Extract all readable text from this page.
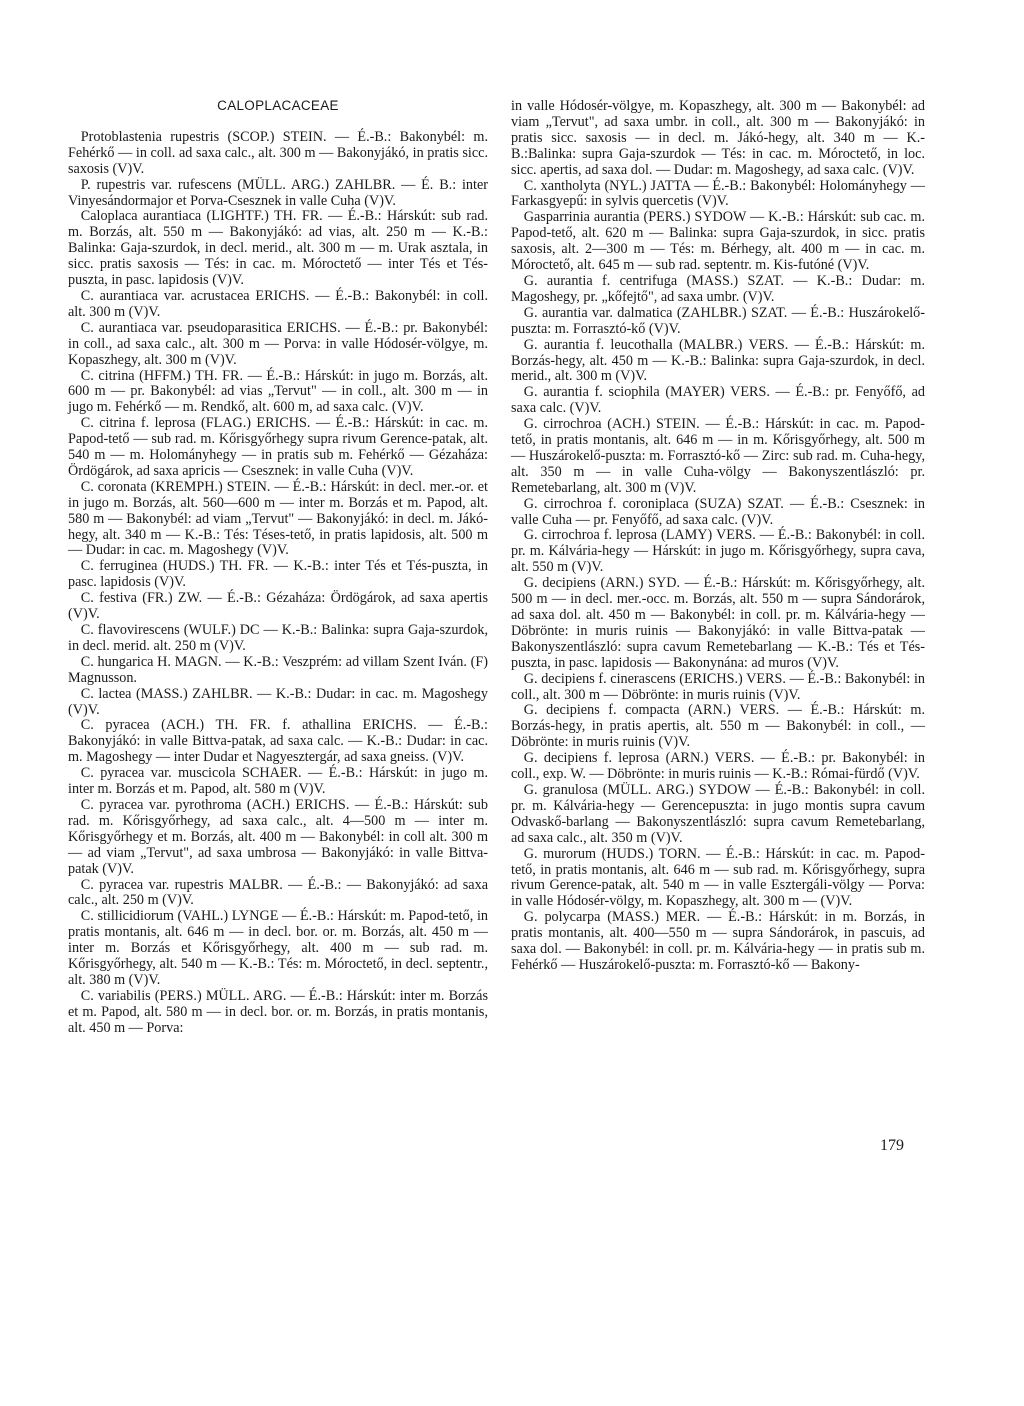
CALOPLACACEAE

Protoblastenia rupestris (SCOP.) STEIN. — É.-B.: Bakonybél: m. Fehérkő — in coll. ad saxa calc., alt. 300 m — Bakonyjákó, in pratis sicc. saxosis (V)V.

P. rupestris var. rufescens (MÜLL. ARG.) ZAHLBR. — É. B.: inter Vinyesándormajor et Porva-Csesznek in valle Cuha (V)V.

Caloplaca aurantiaca (LIGHTF.) TH. FR. — É.-B.: Hárskút: sub rad. m. Borzás, alt. 550 m — Bakonyjákó: ad vias, alt. 250 m — K.-B.: Balinka: Gaja-szurdok, in decl. merid., alt. 300 m — m. Urak asztala, in sicc. pratis saxosis — Tés: in cac. m. Móroctető — inter Tés et Tés-puszta, in pasc. lapidosis (V)V.

C. aurantiaca var. acrustacea ERICHS. — É.-B.: Bakonybél: in coll. alt. 300 m (V)V.

C. aurantiaca var. pseudoparasitica ERICHS. — É.-B.: pr. Bakonybél: in coll., ad saxa calc., alt. 300 m — Porva: in valle Hódosér-völgye, m. Kopaszhegy, alt. 300 m (V)V.

C. citrina (HFFM.) TH. FR. — É.-B.: Hárskút: in jugo m. Borzás, alt. 600 m — pr. Bakonybél: ad vias „Tervut" — in coll., alt. 300 m — in jugo m. Fehérkő — m. Rendkő, alt. 600 m, ad saxa calc. (V)V.

C. citrina f. leprosa (FLAG.) ERICHS. — É.-B.: Hárskút: in cac. m. Papod-tető — sub rad. m. Kőrisgyőrhegy supra rivum Gerence-patak, alt. 540 m — m. Holományhegy — in pratis sub m. Fehérkő — Gézaháza: Ördögárok, ad saxa apricis — Csesznek: in valle Cuha (V)V.

C. coronata (KREMPH.) STEIN. — É.-B.: Hárskút: in decl. mer.-or. et in jugo m. Borzás, alt. 560—600 m — inter m. Borzás et m. Papod, alt. 580 m — Bakonybél: ad viam „Tervut" — Bakonyjákó: in decl. m. Jákó-hegy, alt. 340 m — K.-B.: Tés: Téses-tető, in pratis lapidosis, alt. 500 m — Dudar: in cac. m. Magoshegy (V)V.

C. ferruginea (HUDS.) TH. FR. — K.-B.: inter Tés et Tés-puszta, in pasc. lapidosis (V)V.

C. festiva (FR.) ZW. — É.-B.: Gézaháza: Ördögárok, ad saxa apertis (V)V.

C. flavovirescens (WULF.) DC — K.-B.: Balinka: supra Gaja-szurdok, in decl. merid. alt. 250 m (V)V.

C. hungarica H. MAGN. — K.-B.: Veszprém: ad villam Szent Iván. (F) Magnusson.

C. lactea (MASS.) ZAHLBR. — K.-B.: Dudar: in cac. m. Magoshegy (V)V.

C. pyracea (ACH.) TH. FR. f. athallina ERICHS. — É.-B.: Bakonyjákó: in valle Bittva-patak, ad saxa calc. — K.-B.: Dudar: in cac. m. Magoshegy — inter Dudar et Nagyesztergár, ad saxa gneiss. (V)V.

C. pyracea var. muscicola SCHAER. — É.-B.: Hárskút: in jugo m. inter m. Borzás et m. Papod, alt. 580 m (V)V.

C. pyracea var. pyrothroma (ACH.) ERICHS. — É.-B.: Hárskút: sub rad. m. Kőrisgyőrhegy, ad saxa calc., alt. 4—500 m — inter m. Kőrisgyőrhegy et m. Borzás, alt. 400 m — Bakonybél: in coll alt. 300 m — ad viam „Tervut", ad saxa umbrosa — Bakonyjákó: in valle Bittva-patak (V)V.

C. pyracea var. rupestris MALBR. — É.-B.: — Bakonyjákó: ad saxa calc., alt. 250 m (V)V.

C. stillicidiorum (VAHL.) LYNGE — É.-B.: Hárskút: m. Papod-tető, in pratis montanis, alt. 646 m — in decl. bor. or. m. Borzás, alt. 450 m — inter m. Borzás et Kőrisgyőrhegy, alt. 400 m — sub rad. m. Kőrisgyőrhegy, alt. 540 m — K.-B.: Tés: m. Móroctető, in decl. septentr., alt. 380 m (V)V.

C. variabilis (PERS.) MÜLL. ARG. — É.-B.: Hárskút: inter m. Borzás et m. Papod, alt. 580 m — in decl. bor. or. m. Borzás, in pratis montanis, alt. 450 m — Porva:

in valle Hódosér-völgye, m. Kopaszhegy, alt. 300 m — Bakonybél: ad viam „Tervut", ad saxa umbr. in coll., alt. 300 m — Bakonyjákó: in pratis sicc. saxosis — in decl. m. Jákó-hegy, alt. 340 m — K.-B.:Balinka: supra Gaja-szurdok — Tés: in cac. m. Móroctető, in loc. sicc. apertis, ad saxa dol. — Dudar: m. Magoshegy, ad saxa calc. (V)V.

C. xantholyta (NYL.) JATTA — É.-B.: Bakonybél: Holományhegy — Farkasgyepű: in sylvis quercetis (V)V.

Gasparrinia aurantia (PERS.) SYDOW — K.-B.: Hárskút: sub cac. m. Papod-tető, alt. 620 m — Balinka: supra Gaja-szurdok, in sicc. pratis saxosis, alt. 2—300 m — Tés: m. Bérhegy, alt. 400 m — in cac. m. Móroctető, alt. 645 m — sub rad. septentr. m. Kis-futóné (V)V.

G. aurantia f. centrifuga (MASS.) SZAT. — K.-B.: Dudar: m. Magoshegy, pr. „kőfejtő", ad saxa umbr. (V)V.

G. aurantia var. dalmatica (ZAHLBR.) SZAT. — É.-B.: Huszárokelő-puszta: m. Forrasztó-kő (V)V.

G. aurantia f. leucothalla (MALBR.) VERS. — É.-B.: Hárskút: m. Borzás-hegy, alt. 450 m — K.-B.: Balinka: supra Gaja-szurdok, in decl. merid., alt. 300 m (V)V.

G. aurantia f. sciophila (MAYER) VERS. — É.-B.: pr. Fenyőfő, ad saxa calc. (V)V.

G. cirrochroa (ACH.) STEIN. — É.-B.: Hárskút: in cac. m. Papod-tető, in pratis montanis, alt. 646 m — in m. Kőrisgyőrhegy, alt. 500 m — Huszárokelő-puszta: m. Forrasztó-kő — Zirc: sub rad. m. Cuha-hegy, alt. 350 m — in valle Cuha-völgy — Bakonyszentlászló: pr. Remetebarlang, alt. 300 m (V)V.

G. cirrochroa f. coroniplaca (SUZA) SZAT. — É.-B.: Csesznek: in valle Cuha — pr. Fenyőfő, ad saxa calc. (V)V.

G. cirrochroa f. leprosa (LAMY) VERS. — É.-B.: Bakonybél: in coll. pr. m. Kálvária-hegy — Hárskút: in jugo m. Kőrisgyőrhegy, supra cava, alt. 550 m (V)V.

G. decipiens (ARN.) SYD. — É.-B.: Hárskút: m. Kőrisgyőrhegy, alt. 500 m — in decl. mer.-occ. m. Borzás, alt. 550 m — supra Sándorárok, ad saxa dol. alt. 450 m — Bakonybél: in coll. pr. m. Kálvária-hegy — Döbrönte: in muris ruinis — Bakonyjákó: in valle Bittva-patak — Bakonyszentlászló: supra cavum Remetebarlang — K.-B.: Tés et Tés-puszta, in pasc. lapidosis — Bakonynána: ad muros (V)V.

G. decipiens f. cinerascens (ERICHS.) VERS. — É.-B.: Bakonybél: in coll., alt. 300 m — Döbrönte: in muris ruinis (V)V.

G. decipiens f. compacta (ARN.) VERS. — É.-B.: Hárskút: m. Borzás-hegy, in pratis apertis, alt. 550 m — Bakonybél: in coll., — Döbrönte: in muris ruinis (V)V.

G. decipiens f. leprosa (ARN.) VERS. — É.-B.: pr. Bakonybél: in coll., exp. W. — Döbrönte: in muris ruinis — K.-B.: Római-fürdő (V)V.

G. granulosa (MÜLL. ARG.) SYDOW — É.-B.: Bakonybél: in coll. pr. m. Kálvária-hegy — Gerencepuszta: in jugo montis supra cavum Odvaskő-barlang — Bakonyszentlászló: supra cavum Remetebarlang, ad saxa calc., alt. 350 m (V)V.

G. murorum (HUDS.) TORN. — É.-B.: Hárskút: in cac. m. Papod-tető, in pratis montanis, alt. 646 m — sub rad. m. Kőrisgyőrhegy, supra rivum Gerence-patak, alt. 540 m — in valle Esztergáli-völgy — Porva: in valle Hódosér-völgy, m. Kopaszhegy, alt. 300 m — (V)V.

G. polycarpa (MASS.) MER. — É.-B.: Hárskút: in m. Borzás, in pratis montanis, alt. 400—550 m — supra Sándorárok, in pascuis, ad saxa dol. — Bakonybél: in coll. pr. m. Kálvária-hegy — in pratis sub m. Fehérkő — Huszárokelő-puszta: m. Forrasztó-kő — Bakony-

179
